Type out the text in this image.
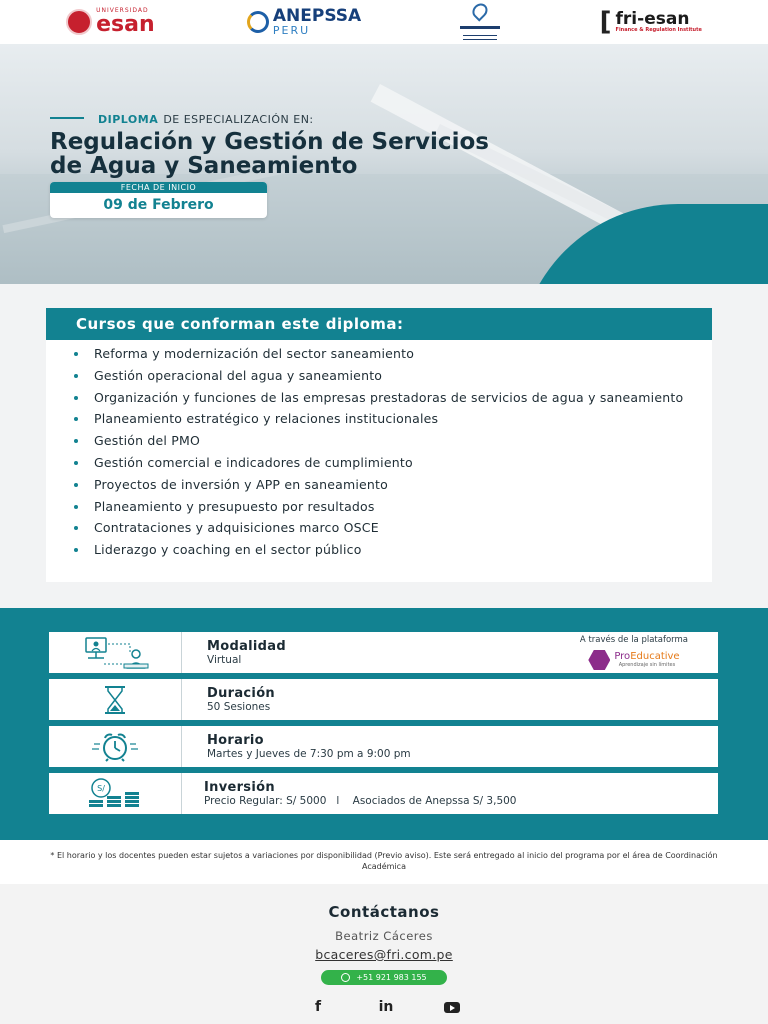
UNIVERSIDAD
esan	ANEPSSA
PERU	[ fri-esan
Finance & Regulation Institute
DIPLOMA DE ESPECIALIZACIÓN EN:
Regulación y Gestión de Servicios
de Agua y Saneamiento
FECHA DE INICIO
09 de Febrero
Cursos que conforman este diploma:
Reforma y modernización del sector saneamiento
Gestión operacional del agua y saneamiento
Organización y funciones de las empresas prestadoras de servicios de agua y saneamiento
Planeamiento estratégico y relaciones institucionales
Gestión del PMO
Gestión comercial e indicadores de cumplimiento
Proyectos de inversión y APP en saneamiento
Planeamiento y presupuesto por resultados
Contrataciones y adquisiciones marco OSCE
Liderazgo y coaching en el sector público
Modalidad
Virtual
A través de la plataforma
ProEducative
Aprendizaje sin límites
Duración
50 Sesiones
Horario
Martes y Jueves de 7:30 pm a 9:00 pm
S/	Inversión
Precio Regular: S/ 5000   l    Asociados de Anepssa S/ 3,500

* El horario y los docentes pueden estar sujetos a variaciones por disponibilidad (Previo aviso). Este será entregado al inicio del programa por el área de Coordinación Académica

Contáctanos
Beatriz Cáceres
bcaceres@fri.com.pe
+51 921 983 155
f	in
